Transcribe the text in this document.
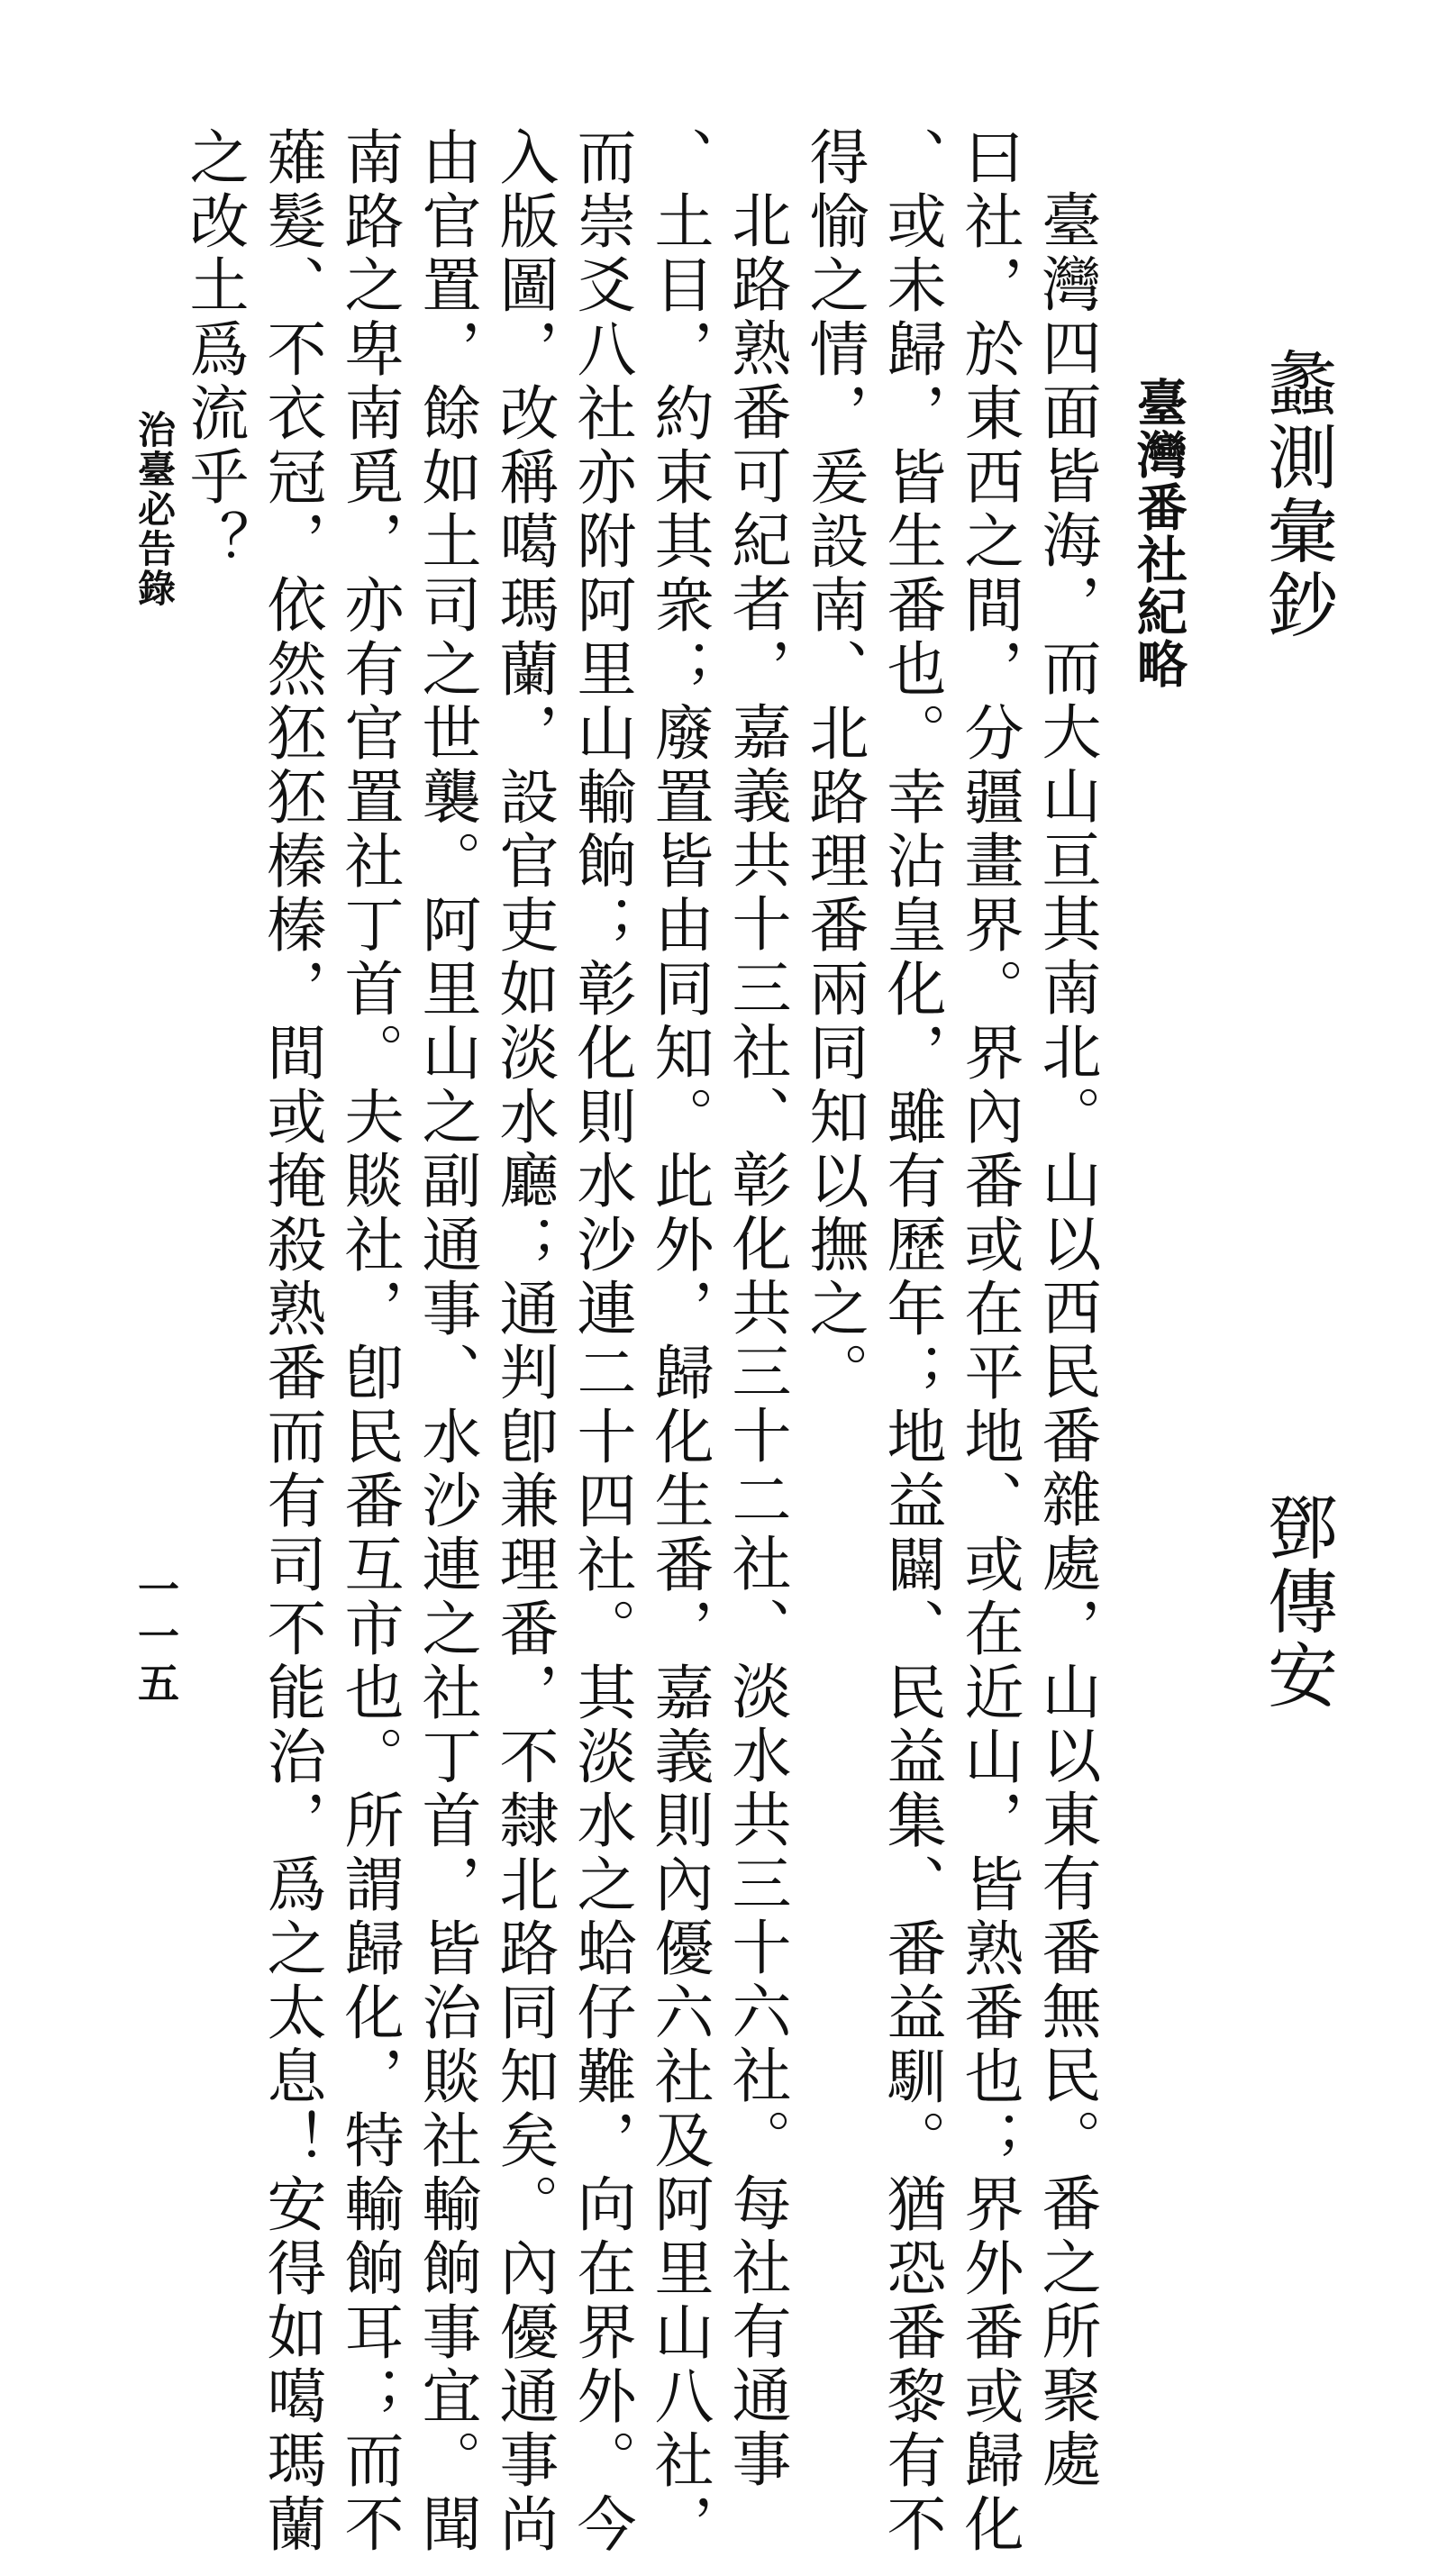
蠡測彙鈔
鄧傳安
臺灣番社紀略
臺灣四面皆海，而大山亘其南北。山以西民番雜處，山以東有番無民。番之所聚處
曰社，於東西之間，分疆畫界。界內番或在平地、或在近山，皆熟番也；界外番或歸化
、或未歸，皆生番也。幸沾皇化，雖有歷年；地益闢、民益集、番益馴。猶恐番黎有不
得愉之情，爰設南、北路理番兩同知以撫之。
北路熟番可紀者，嘉義共十三社、彰化共三十二社、淡水共三十六社。每社有通事
、土目，約束其衆；廢置皆由同知。此外，歸化生番，嘉義則內優六社及阿里山八社，
而崇爻八社亦附阿里山輸餉；彰化則水沙連二十四社。其淡水之蛤仔難，向在界外。今
入版圖，改稱噶瑪蘭，設官吏如淡水廳；通判卽兼理番，不隸北路同知矣。內優通事尚
由官置，餘如土司之世襲。阿里山之副通事、水沙連之社丁首，皆治賧社輸餉事宜。聞
南路之卑南覓，亦有官置社丁首。夫賧社，卽民番互市也。所謂歸化，特輸餉耳；而不
薙髮、不衣冠，依然狉狉榛榛，間或掩殺熟番而有司不能治，爲之太息！安得如噶瑪蘭
之改土爲流乎？
治臺必告錄
一一五
